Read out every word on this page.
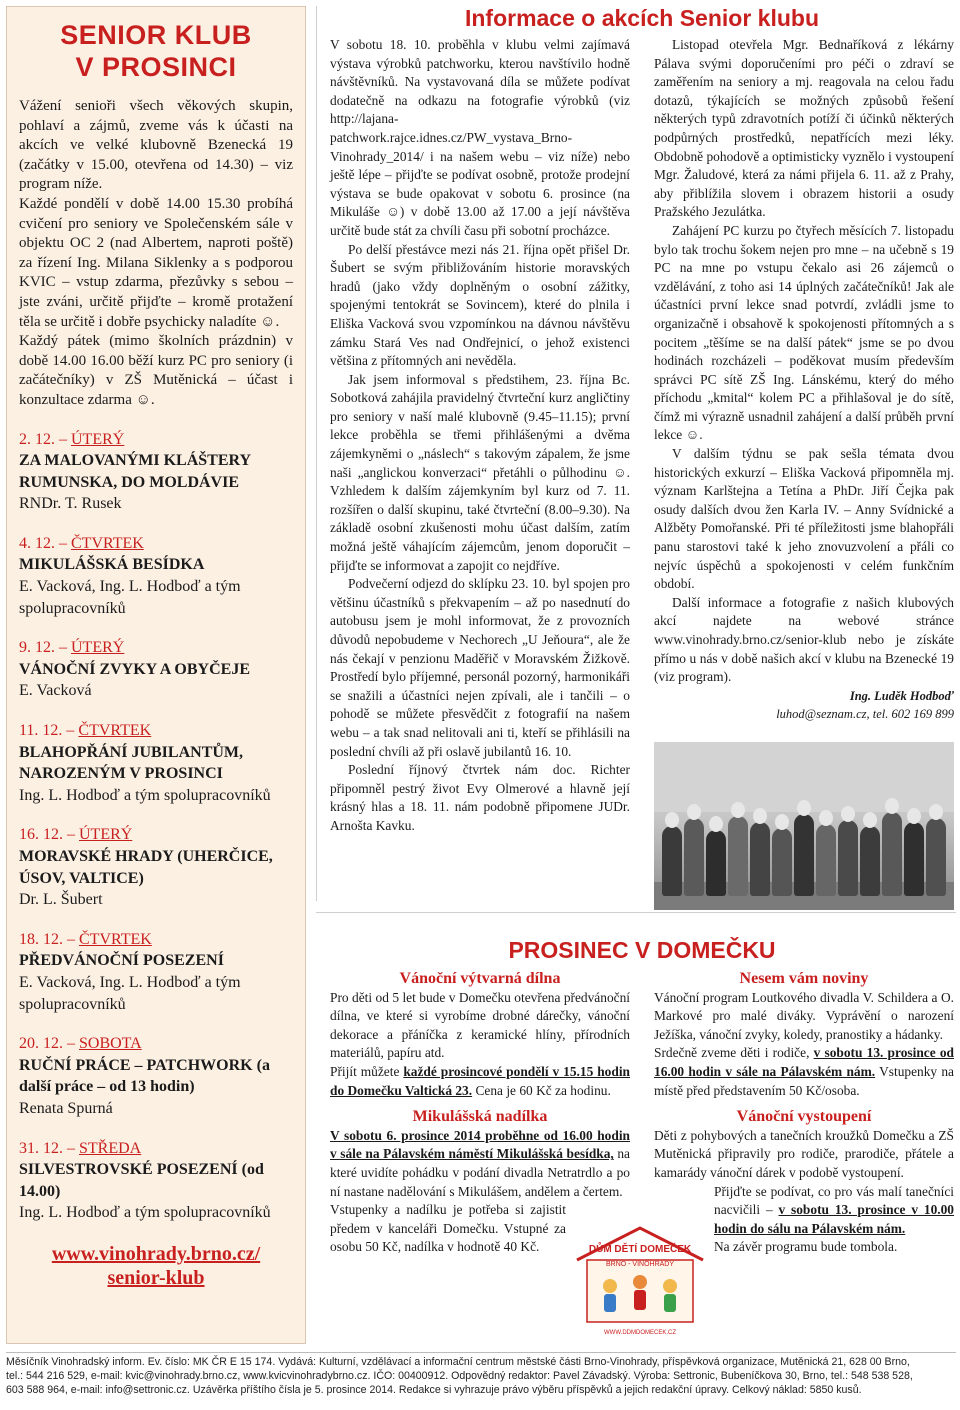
SENIOR KLUB
V PROSINCI

Vážení senioři všech věkových skupin, pohlaví a zájmů, zveme vás k účasti na akcích ve velké klubovně Bzenecká 19 (začátky v 15.00, otevřena od 14.30) – viz program níže.

Každé pondělí v době 14.00 15.30 probíhá cvičení pro seniory ve Společenském sále v objektu OC 2 (nad Albertem, naproti poště) za řízení Ing. Milana Siklenky a s podporou KVIC – vstup zdarma, přezůvky s sebou – jste zváni, určitě přijďte – kromě protažení těla se určitě i dobře psychicky naladíte ☺.

Každý pátek (mimo školních prázdnin) v době 14.00 16.00 běží kurz PC pro seniory (i začátečníky) v ZŠ Mutěnická – účast i konzultace zdarma ☺.

2. 12. – ÚTERÝ
ZA MALOVANÝMI KLÁŠTERY RUMUNSKA, DO MOLDÁVIE
RNDr. T. Rusek
4. 12. – ČTVRTEK
MIKULÁŠSKÁ BESÍDKA
E. Vacková, Ing. L. Hodboď a tým spolupracovníků
9. 12. – ÚTERÝ
VÁNOČNÍ ZVYKY A OBYČEJE
E. Vacková
11. 12. – ČTVRTEK
BLAHOPŘÁNÍ JUBILANTŮM, NAROZENÝM V PROSINCI
Ing. L. Hodboď a tým spolupracovníků
16. 12. – ÚTERÝ
MORAVSKÉ HRADY (UHERČICE, ÚSOV, VALTICE)
Dr. L. Šubert
18. 12. – ČTVRTEK
PŘEDVÁNOČNÍ POSEZENÍ
E. Vacková, Ing. L. Hodboď a tým spolupracovníků
20. 12. – SOBOTA
RUČNÍ PRÁCE – PATCHWORK (a další práce – od 13 hodin)
Renata Spurná
31. 12. – STŘEDA
SILVESTROVSKÉ POSEZENÍ (od 14.00)
Ing. L. Hodboď a tým spolupracovníků
www.vinohrady.brno.cz/
senior-klub
Informace o akcích Senior klubu

V sobotu 18. 10. proběhla v klubu velmi zajímavá výstava výrobků patchworku, kterou navštívilo hodně návštěvníků. Na vystavovaná díla se můžete podívat dodatečně na odkazu na fotografie výrobků (viz http://lajana-patchwork.rajce.idnes.cz/PW_vystava_Brno-Vinohrady_2014/ i na našem webu – viz níže) nebo ještě lépe – přijďte se podívat osobně, protože prodejní výstava se bude opakovat v sobotu 6. prosince (na Mikuláše ☺) v době 13.00 až 17.00 a její návštěva určitě bude stát za chvíli času při sobotní procházce.

Po delší přestávce mezi nás 21. října opět přišel Dr. Šubert se svým přibližováním historie moravských hradů (jako vždy doplněným o osobní zážitky, spojenými tentokrát se Sovincem), které do plnila i Eliška Vacková svou vzpomínkou na dávnou návštěvu zámku Stará Ves nad Ondřejnicí, o jehož existenci většina z přítomných ani nevěděla.

Jak jsem informoval s předstihem, 23. října Bc. Sobotková zahájila pravidelný čtvrteční kurz angličtiny pro seniory v naší malé klubovně (9.45–11.15); první lekce proběhla se třemi přihlášenými a dvěma zájemkyněmi o „náslech“ s takovým zápalem, že jsme naši „anglickou konverzaci“ přetáhli o půlhodinu ☺. Vzhledem k dalším zájemkyním byl kurz od 7. 11. rozšířen o další skupinu, také čtvrteční (8.00–9.30). Na základě osobní zkušenosti mohu účast dalším, zatím možná ještě váhajícím zájemcům, jenom doporučit – přijďte se informovat a zapojit co nejdříve.

Podvečerní odjezd do sklípku 23. 10. byl spojen pro většinu účastníků s překvapením – až po nasednutí do autobusu jsem je mohl informovat, že z provozních důvodů nepobudeme v Nechorech „U Jeňoura“, ale že nás čekají v penzionu Maděřič v Moravském Žižkově. Prostředí bylo příjemné, personál pozorný, harmonikáři se snažili a účastníci nejen zpívali, ale i tančili – o pohodě se můžete přesvědčit z fotografií na našem webu – a tak snad nelitovali ani ti, kteří se přihlásili na poslední chvíli až při oslavě jubilantů 16. 10.

Poslední říjnový čtvrtek nám doc. Richter připomněl pestrý život Evy Olmerové a hlavně její krásný hlas a 18. 11. nám podobně připomene JUDr. Arnošta Kavku.

Listopad otevřela Mgr. Bednaříková z lékárny Pálava svými doporučeními pro péči o zdraví se zaměřením na seniory a mj. reagovala na celou řadu dotazů, týkajících se možných způsobů řešení některých typů zdravotních potíží či účinků některých podpůrných prostředků, nepatřících mezi léky. Obdobně pohodově a optimisticky vyznělo i vystoupení Mgr. Žaludové, která za námi přijela 6. 11. až z Prahy, aby přiblížila slovem i obrazem historii a osudy Pražského Jezulátka.

Zahájení PC kurzu po čtyřech měsících 7. listopadu bylo tak trochu šokem nejen pro mne – na učebně s 19 PC na mne po vstupu čekalo asi 26 zájemců o vzdělávání, z toho asi 14 úplných začátečníků! Jak ale účastníci první lekce snad potvrdí, zvládli jsme to organizačně i obsahově k spokojenosti přítomných a s pocitem „těšíme se na další pátek“ jsme se po dvou hodinách rozcházeli – poděkovat musím především správci PC sítě ZŠ Ing. Lánskému, který do mého příchodu „kmital“ kolem PC a přihlašoval je do sítě, čímž mi výrazně usnadnil zahájení a další průběh první lekce ☺.

V dalším týdnu se pak sešla témata dvou historických exkurzí – Eliška Vacková připomněla mj. význam Karlštejna a Tetína a PhDr. Jiří Čejka pak osudy dalších dvou žen Karla IV. – Anny Svídnické a Alžběty Pomořanské. Při té příležitosti jsme blahopřáli panu starostovi také k jeho znovuzvolení a přáli co nejvíc úspěchů a spokojenosti v celém funkčním období.

Další informace a fotografie z našich klubových akcí najdete na webové stránce www.vinohrady.brno.cz/senior-klub nebo je získáte přímo u nás v době našich akcí v klubu na Bzenecké 19 (viz program).

Ing. Luděk Hodboď
luhod@seznam.cz, tel. 602 169 899

PROSINEC V DOMEČKU

Vánoční výtvarná dílna

Pro děti od 5 let bude v Domečku otevřena předvánoční dílna, ve které si vyrobíme drobné dárečky, vánoční dekorace a přáníčka z keramické hlíny, přírodních materiálů, papíru atd.

Přijít můžete každé prosincové pondělí v 15.15 hodin do Domečku Valtická 23. Cena je 60 Kč za hodinu.

Mikulášská nadílka

V sobotu 6. prosince 2014 proběhne od 16.00 hodin v sále na Pálavském náměstí Mikulášská besídka, na které uvidíte pohádku v podání divadla Netratrdlo a po ní nastane nadělování s Mikulášem, andělem a čertem.

Vstupenky a nadílku je potřeba si zajistit předem v kanceláři Domečku. Vstupné za osobu 50 Kč, nadílka v hodnotě 40 Kč.

Nesem vám noviny

Vánoční program Loutkového divadla V. Schildera a O. Markové pro malé diváky. Vyprávění o narození Ježíška, vánoční zvyky, koledy, pranostiky a hádanky.

Srdečně zveme děti i rodiče, v sobotu 13. prosince od 16.00 hodin v sále na Pálavském nám. Vstupenky na místě před představením 50 Kč/osoba.

Vánoční vystoupení

Děti z pohybových a tanečních kroužků Domečku a ZŠ Mutěnická připravily pro rodiče, prarodiče, přátele a kamarády vánoční dárek v podobě vystoupení.

Přijďte se podívat, co pro vás malí tanečníci nacvičili – v sobotu 13. prosince v 10.00 hodin do sálu na Pálavském nám.

Na závěr programu bude tombola.

DŮM DĚTÍ DOMEČEK
BRNO - VINOHRADY
WWW.DDMDOMECEK.CZ
Měsíčník Vinohradský inform. Ev. číslo: MK ČR E 15 174. Vydává: Kulturní, vzdělávací a informační centrum městské části Brno-Vinohrady, příspěvková organizace, Mutěnická 21, 628 00 Brno,
tel.: 544 216 529, e-mail: kvic@vinohrady.brno.cz, www.kvicvinohradybrno.cz. IČO: 00400912. Odpovědný redaktor: Pavel Závadský. Výroba: Settronic, Bubeníčkova 30, Brno, tel.: 548 538 528,
603 588 964, e-mail: info@settronic.cz. Uzávěrka příštího čísla je 5. prosince 2014. Redakce si vyhrazuje právo výběru příspěvků a jejich redakční úpravy. Celkový náklad: 5850 kusů.
